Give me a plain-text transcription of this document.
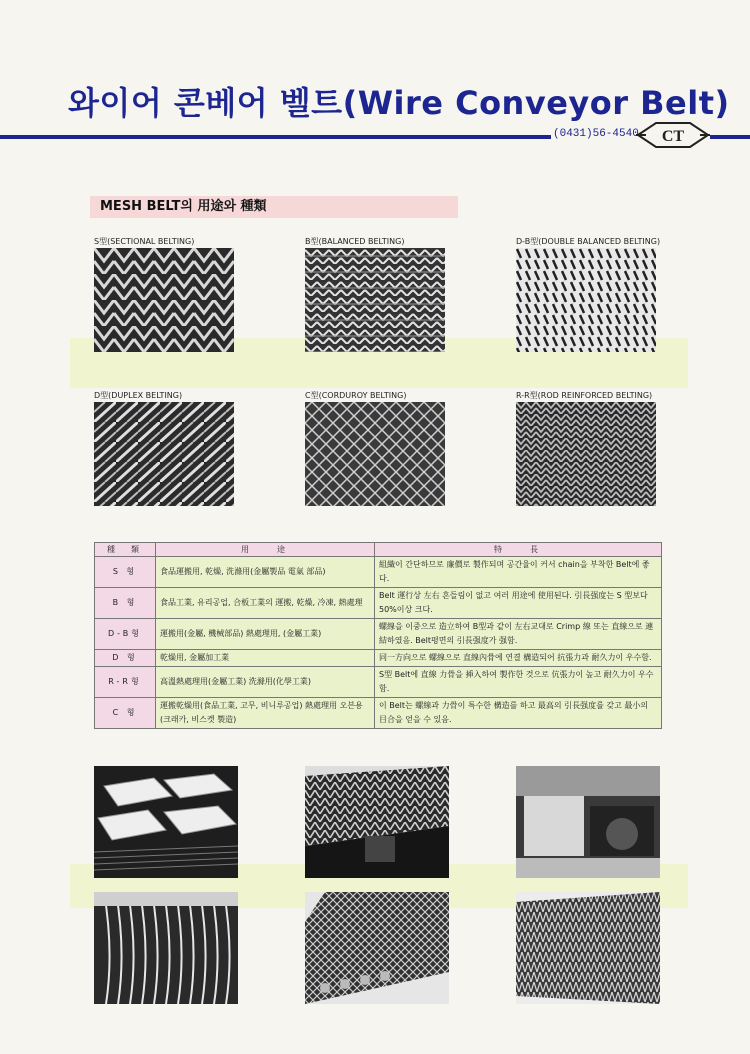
와이어 콘베어 벨트(Wire Conveyor Belt)
(0431)56-4540 CT
MESH BELT의 用途와 種類
S型(SECTIONAL BELTING)	B型(BALANCED BELTING)	D-B型(DOUBLE BALANCED BELTING)
D型(DUPLEX BELTING)	C型(CORDUROY BELTING)	R-R型(ROD REINFORCED BELTING)
種　類	用　　途	特　　長
S 형	食品運搬用, 乾燥, 洗滌用(金屬製品 電氣 部品)	組織이 간단하므로 廉價로 製作되며 공간율이 커서 chain을 부착한 Belt에 좋다.
B 형	食品工業, 유리공업, 合板工業의 運搬, 乾燥, 冷凍, 熱處理	Belt 運行상 左右 흔들림이 없고 여러 用途에 使用된다. 引長强度는 S 型보다 50%이상 크다.
D-B형	運搬用(金屬, 機械部品) 熱處理用, (金屬工業)	螺線을 이중으로 造立하여 B型과 같이 左右교대로 Crimp 線 또는 直線으로 連結하였음. Belt평면의 引長强度가 强함.
D 형	乾燥用, 金屬加工業	同一方向으로 螺線으로 直線內骨에 연결 構造되어 抗張力과 耐久力이 우수함.
R-R형	高溫熱處理用(金屬工業) 洗滌用(化學工業)	S型 Belt에 直線 力骨을 揷入하여 製作한 것으로 伉張力이 높고 耐久力이 우수함.
C 형	運搬乾燥用(食品工業, 고무, 비니루공업) 熱處理用 오븐용(크래카, 비스켓 製造)	이 Belt는 螺線과 力骨이 특수한 構造를 하고 最高의 引長强度를 갖고 最小의 目合을 얻을 수 있음.
